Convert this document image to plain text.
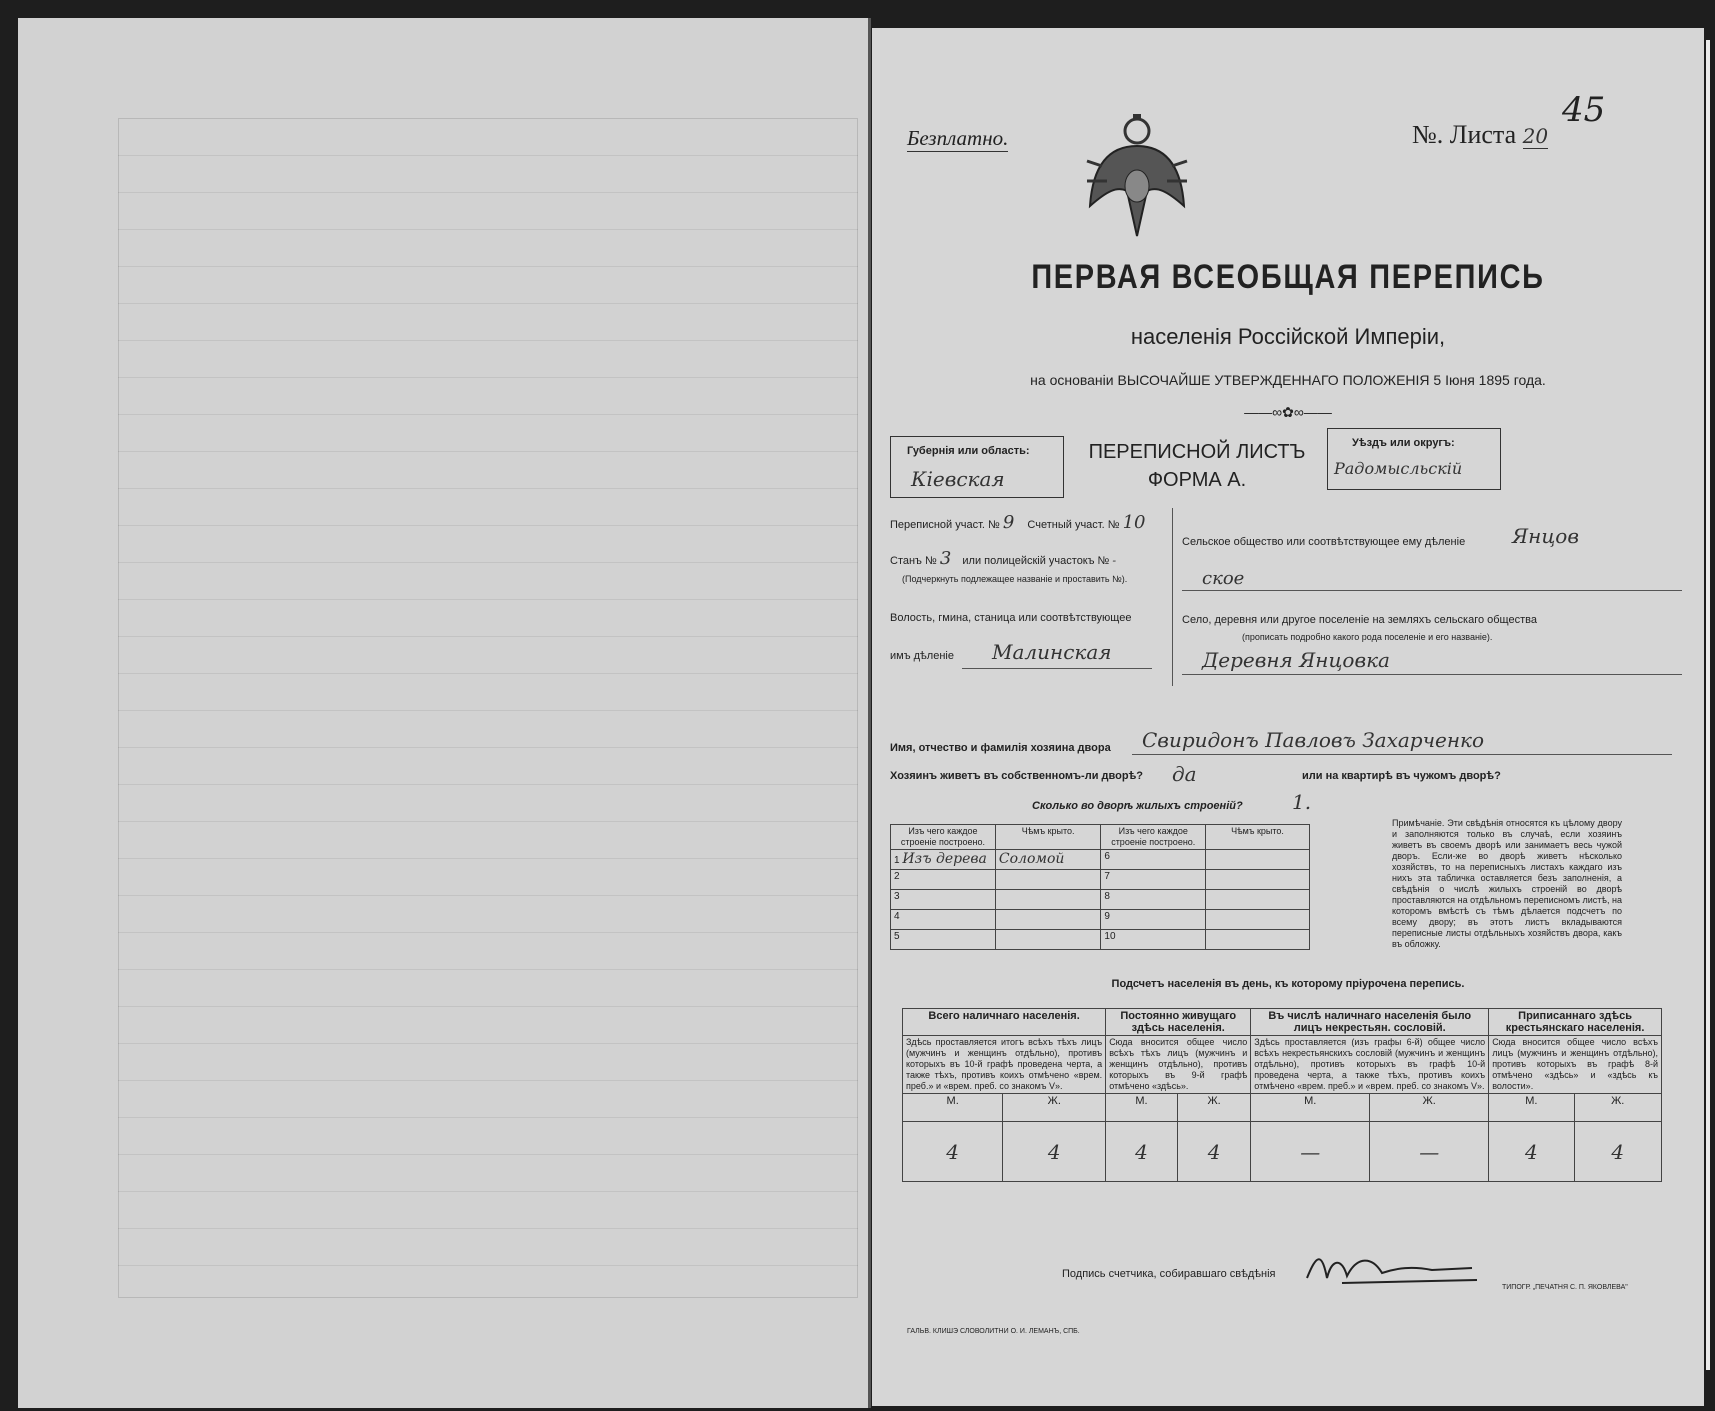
45
Безплатно.	№. Листа 20
ПЕРВАЯ ВСЕОБЩАЯ ПЕРЕПИСЬ
населенія Россійской Имперіи,
на основаніи ВЫСОЧАЙШЕ УТВЕРЖДЕННАГО ПОЛОЖЕНІЯ 5 Іюня 1895 года.
——∞✿∞——
Губернія или область:
Кіевская
ПЕРЕПИСНОЙ ЛИСТЪ
ФОРМА А.
Уѣздъ или округъ:
Радомысльскій
Переписной участ. № 9 Счетный участ. № 10
Станъ № 3 или полицейскій участокъ № -
(Подчеркнуть подлежащее названіе и проставить №).
Волость, гмина, станица или соотвѣтствующее
имъ дѣленіе Малинская
Сельское общество или соотвѣтствующее ему дѣленіе Янцов
ское
Село, деревня или другое поселеніе на земляхъ сельскаго общества
(прописать подробно какого рода поселеніе и его названіе).
Деревня Янцовка
Имя, отчество и фамилія хозяина двора Свиридонъ Павловъ Захарченко
Хозяинъ живетъ въ собственномъ-ли дворѣ? да	или на квартирѣ въ чужомъ дворѣ?
Сколько во дворѣ жилыхъ строеній? 1.
Изъ чего каждое строеніе построено.	Чѣмъ крыто.	Изъ чего каждое строеніе построено.	Чѣмъ крыто.
1 Изъ дерева	Соломой	6	
2		7	
3		8	
4		9	
5		10	
Примѣчаніе. Эти свѣдѣнія относятся къ цѣлому двору и заполняются только въ случаѣ, если хозяинъ живетъ въ своемъ дворѣ или занимаетъ весь чужой дворъ. Если-же во дворѣ живетъ нѣсколько хозяйствъ, то на переписныхъ листахъ каждаго изъ нихъ эта табличка оставляется безъ заполненія, а свѣдѣнія о числѣ жилыхъ строеній во дворѣ проставляются на отдѣльномъ переписномъ листѣ, на которомъ вмѣстѣ съ тѣмъ дѣлается подсчетъ по всему двору; въ этотъ листъ вкладываются переписные листы отдѣльныхъ хозяйствъ двора, какъ въ обложку.
Подсчетъ населенія въ день, къ которому пріурочена перепись.
Всего наличнаго населенія.		Постоянно живущаго здѣсь населенія.		Въ числѣ наличнаго населенія было лицъ некрестьян. сословій.		Приписаннаго здѣсь крестьянскаго населенія.	
Здѣсь проставляется итогъ всѣхъ тѣхъ лицъ (мужчинъ и женщинъ отдѣльно), противъ которыхъ въ 10-й графѣ проведена черта, а также тѣхъ, противъ коихъ отмѣчено «врем. преб.» и «врем. преб. со знакомъ V».		Сюда вносится общее число всѣхъ тѣхъ лицъ (мужчинъ и женщинъ отдѣльно), противъ которыхъ въ 9-й графѣ отмѣчено «здѣсь».		Здѣсь проставляется (изъ графы 6-й) общее число всѣхъ некрестьянскихъ сословій (мужчинъ и женщинъ отдѣльно), противъ которыхъ въ графѣ 10-й проведена черта, а также тѣхъ, противъ коихъ отмѣчено «врем. преб.» и «врем. преб. со знакомъ V».		Сюда вносится общее число всѣхъ лицъ (мужчинъ и женщинъ отдѣльно), противъ которыхъ въ графѣ 8-й отмѣчено «здѣсь» и «здѣсь къ волости».	
М.	Ж.	М.	Ж.	М.	Ж.	М.	Ж.
4	4	4	4	—	—	4	4
Подпись счетчика, собиравшаго свѣдѣнія
ГАЛЬВ. КЛИШЭ СЛОВОЛИТНИ О. И. ЛЕМАНЪ, СПБ.
ТИПОГР. „ПЕЧАТНЯ С. П. ЯКОВЛЕВА"
